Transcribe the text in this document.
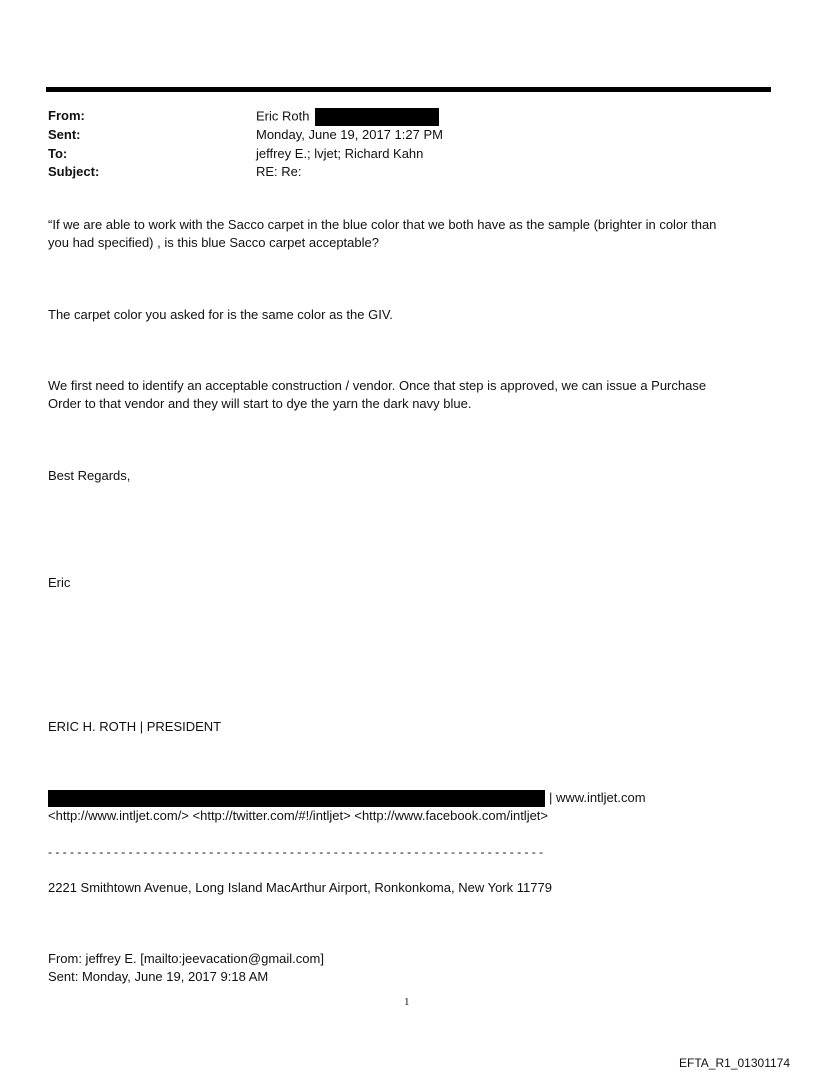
From:	Eric Roth
Sent:	Monday, June 19, 2017 1:27 PM
To:	jeffrey E.; lvjet; Richard Kahn
Subject:	RE: Re:
“If we are able to work with the Sacco carpet in the blue color that we both have as the sample (brighter in color than
you had specified) , is this blue Sacco carpet acceptable?
The carpet color you asked for is the same color as the GIV.
We first need to identify an acceptable construction / vendor. Once that step is approved, we can issue a Purchase
Order to that vendor and they will start to dye the yarn the dark navy blue.
Best Regards,
Eric
ERIC H. ROTH | PRESIDENT
| www.intljet.com
<http://www.intljet.com/> <http://twitter.com/#!/intljet> <http://www.facebook.com/intljet>
- - - - - - - - - - - - - - - - - - - - - - - - - - - - - - - - - - - - - - - - - - - - - - - - - - - - - - - - - - - - - - - - - - - -
2221 Smithtown Avenue, Long Island MacArthur Airport, Ronkonkoma, New York 11779
From: jeffrey E. [mailto:jeevacation@gmail.com]
Sent: Monday, June 19, 2017 9:18 AM
1
EFTA_R1_01301174
